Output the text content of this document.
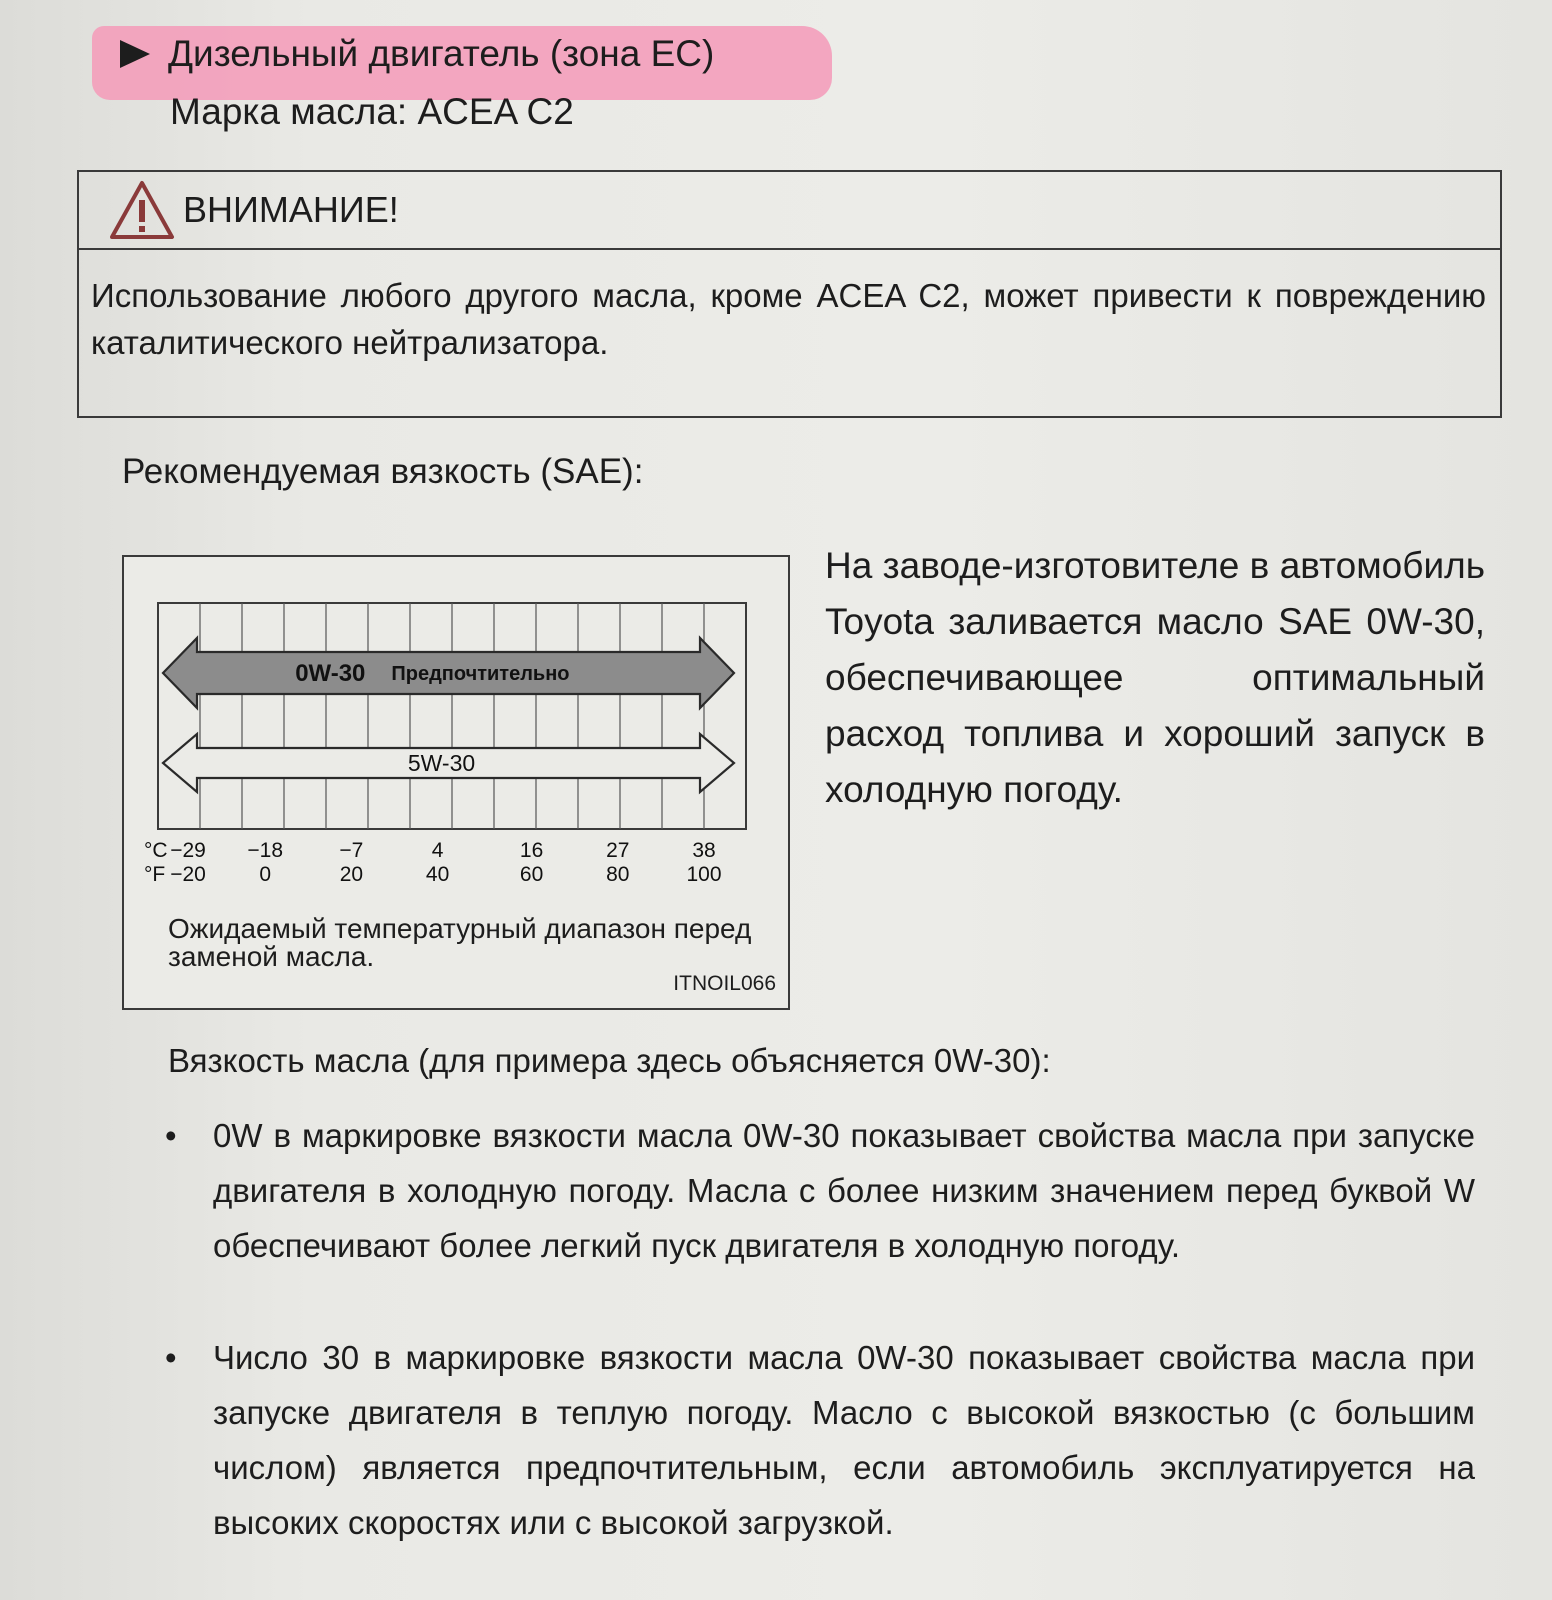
Дизельный двигатель (зона ЕС)
Марка масла: ACEA C2
ВНИМАНИЕ!
Использование любого другого масла, кроме ACEA C2, может привести к повреждению каталитического нейтрализатора.
Рекомендуемая вязкость (SAE):
0W-30 Предпочтительно
5W-30
°C
°F
−29 −18	−7	4	16	27	38
−20	0	20	40	60	80	100
Ожидаемый температурный диапазон перед заменой масла.
ITNOIL066
На заводе-изготовителе в автомобиль Toyota заливается масло SAE 0W-30, обеспечивающее оптимальный расход топлива и хороший запуск в холодную погоду.
Вязкость масла (для примера здесь объясняется 0W-30):
• 0W в маркировке вязкости масла 0W-30 показывает свойства масла при запуске двигателя в холодную погоду. Масла с более низким значением перед буквой W обеспечивают более легкий пуск двигателя в холодную погоду.
• Число 30 в маркировке вязкости масла 0W-30 показывает свойства масла при запуске двигателя в теплую погоду. Масло с высокой вязкостью (с большим числом) является предпочтительным, если автомобиль эксплуатируется на высоких скоростях или с высокой загрузкой.
